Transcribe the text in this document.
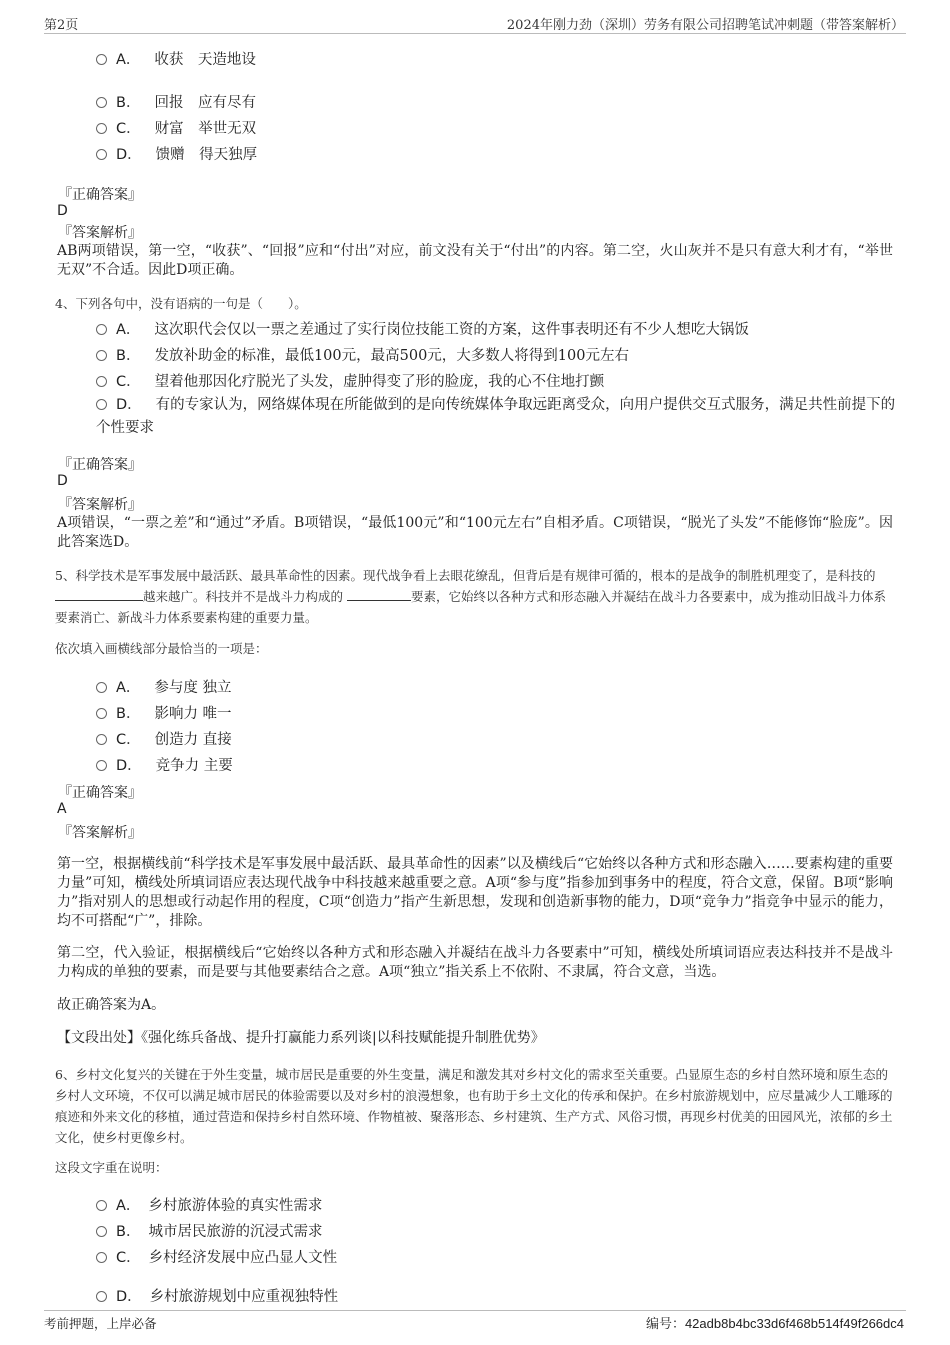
第2页	2024年刚力劲（深圳）劳务有限公司招聘笔试冲刺题（带答案解析）
A． 收获　天造地设
B． 回报　应有尽有
C． 财富　举世无双
D． 馈赠　得天独厚
『正确答案』
D
『答案解析』
AB两项错误，第一空，“收获”、“回报”应和“付出”对应，前文没有关于“付出”的内容。第二空，火山灰并不是只有意大利才有，“举世无双”不合适。因此D项正确。
4、下列各句中，没有语病的一句是（　　）。
A． 这次职代会仅以一票之差通过了实行岗位技能工资的方案，这件事表明还有不少人想吃大锅饭
B． 发放补助金的标准，最低100元，最高500元，大多数人将得到100元左右
C． 望着他那因化疗脱光了头发，虚肿得变了形的脸庞，我的心不住地打颤
D． 有的专家认为，网络媒体現在所能做到的是向传统媒体争取远距离受众，向用户提供交互式服务，满足共性前提下的个性要求
『正确答案』
D
『答案解析』
A项错误，“一票之差”和“通过”矛盾。B项错误，“最低100元”和“100元左右”自相矛盾。C项错误，“脱光了头发”不能修饰“脸庞”。因此答案选D。
5、科学技术是军事发展中最活跃、最具革命性的因素。现代战争看上去眼花缭乱，但背后是有规律可循的，根本的是战争的制胜机理变了，是科技的 越来越广。科技并不是战斗力构成的	要素，它始终以各种方式和形态融入并凝结在战斗力各要素中，成为推动旧战斗力体系要素消亡、新战斗力体系要素构建的重要力量。
依次填入画横线部分最恰当的一项是：
A． 参与度 独立
B． 影响力 唯一
C． 创造力 直接
D． 竞争力 主要
『正确答案』
A
『答案解析』
第一空，根据横线前“科学技术是军事发展中最活跃、最具革命性的因素”以及横线后“它始终以各种方式和形态融入……要素构建的重要力量”可知，横线处所填词语应表达现代战争中科技越来越重要之意。A项“参与度”指参加到事务中的程度，符合文意，保留。B项“影响力”指对别人的思想或行动起作用的程度，C项“创造力”指产生新思想，发现和创造新事物的能力，D项“竞争力”指竞争中显示的能力，均不可搭配“广”，排除。
第二空，代入验证，根据横线后“它始终以各种方式和形态融入并凝结在战斗力各要素中”可知，横线处所填词语应表达科技并不是战斗力构成的单独的要素，而是要与其他要素结合之意。A项“独立”指关系上不依附、不隶属，符合文意，当选。
故正确答案为A。
【文段出处】《强化练兵备战、提升打赢能力系列谈|以科技赋能提升制胜优势》
6、乡村文化复兴的关键在于外生变量，城市居民是重要的外生变量，满足和激发其对乡村文化的需求至关重要。凸显原生态的乡村自然环境和原生态的乡村人文环境，不仅可以满足城市居民的体验需要以及对乡村的浪漫想象，也有助于乡土文化的传承和保护。在乡村旅游规划中，应尽量减少人工雕琢的痕迹和外来文化的移植，通过营造和保持乡村自然环境、作物植被、聚落形态、乡村建筑、生产方式、风俗习惯，再现乡村优美的田园风光，浓郁的乡土文化，使乡村更像乡村。
这段文字重在说明：
A． 乡村旅游体验的真实性需求
B． 城市居民旅游的沉浸式需求
C． 乡村经济发展中应凸显人文性
D． 乡村旅游规划中应重视独特性
考前押题，上岸必备	编号：42adb8b4bc33d6f468b514f49f266dc4
